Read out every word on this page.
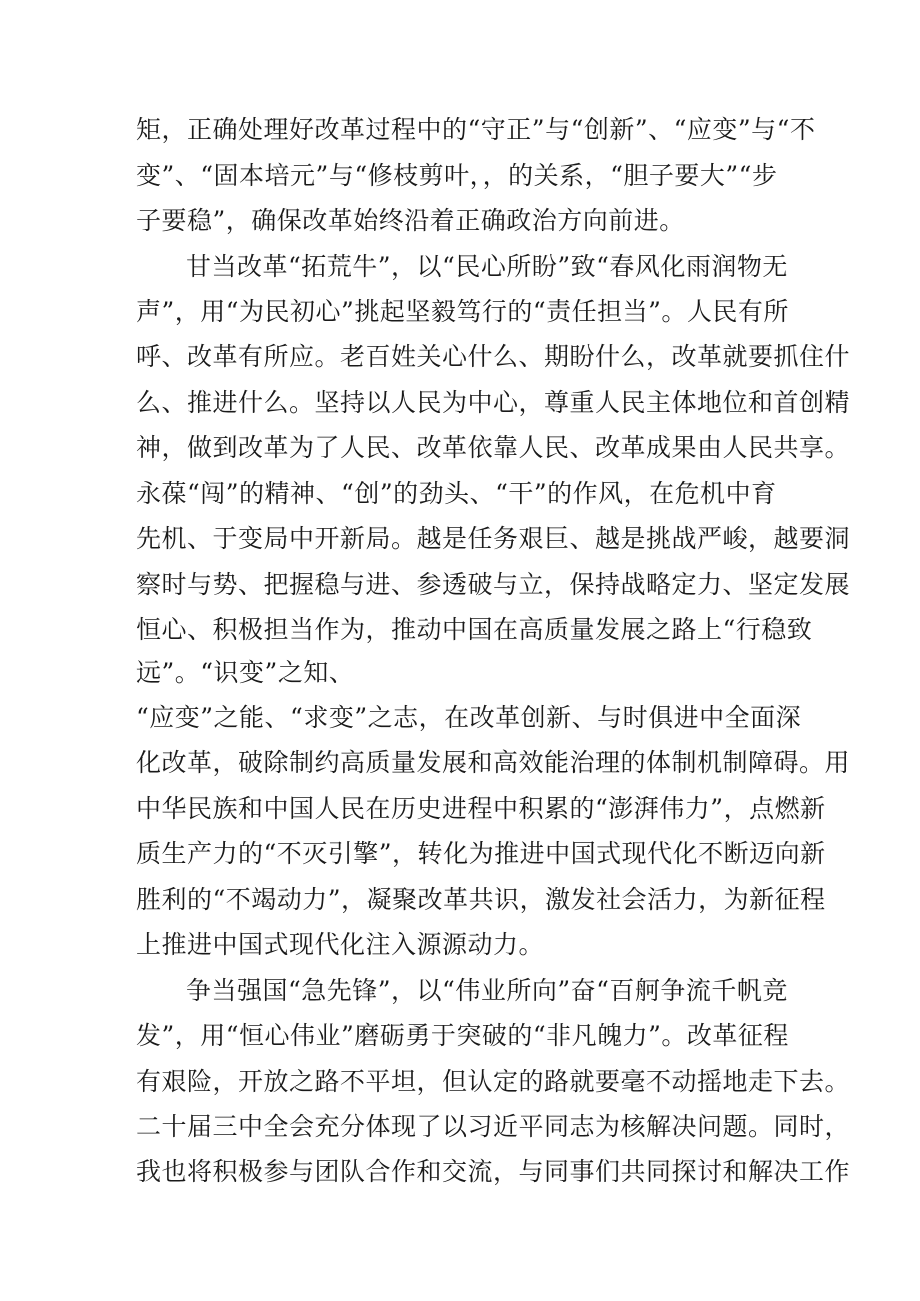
矩，正确处理好改革过程中的“守正”与“创新”、“应变”与“不
变”、“固本培元”与“修枝剪叶，，的关系，“胆子要大”“步
子要稳”，确保改革始终沿着正确政治方向前进。
甘当改革“拓荒牛”，以“民心所盼”致“春风化雨润物无
声”，用“为民初心”挑起坚毅笃行的“责任担当”。人民有所
呼、改革有所应。老百姓关心什么、期盼什么，改革就要抓住什
么、推进什么。坚持以人民为中心，尊重人民主体地位和首创精
神，做到改革为了人民、改革依靠人民、改革成果由人民共享。
永葆“闯”的精神、“创”的劲头、“干”的作风，在危机中育
先机、于变局中开新局。越是任务艰巨、越是挑战严峻，越要洞
察时与势、把握稳与进、参透破与立，保持战略定力、坚定发展
恒心、积极担当作为，推动中国在高质量发展之路上“行稳致
远”。“识变”之知、
“应变”之能、“求变”之志，在改革创新、与时俱进中全面深
化改革，破除制约高质量发展和高效能治理的体制机制障碍。用
中华民族和中国人民在历史进程中积累的“澎湃伟力”，点燃新
质生产力的“不灭引擎”，转化为推进中国式现代化不断迈向新
胜利的“不竭动力”，凝聚改革共识，激发社会活力，为新征程
上推进中国式现代化注入源源动力。
争当强国“急先锋”，以“伟业所向”奋“百舸争流千帆竞
发”，用“恒心伟业”磨砺勇于突破的“非凡魄力”。改革征程
有艰险，开放之路不平坦，但认定的路就要毫不动摇地走下去。
二十届三中全会充分体现了以习近平同志为核解决问题。同时，
我也将积极参与团队合作和交流，与同事们共同探讨和解决工作
